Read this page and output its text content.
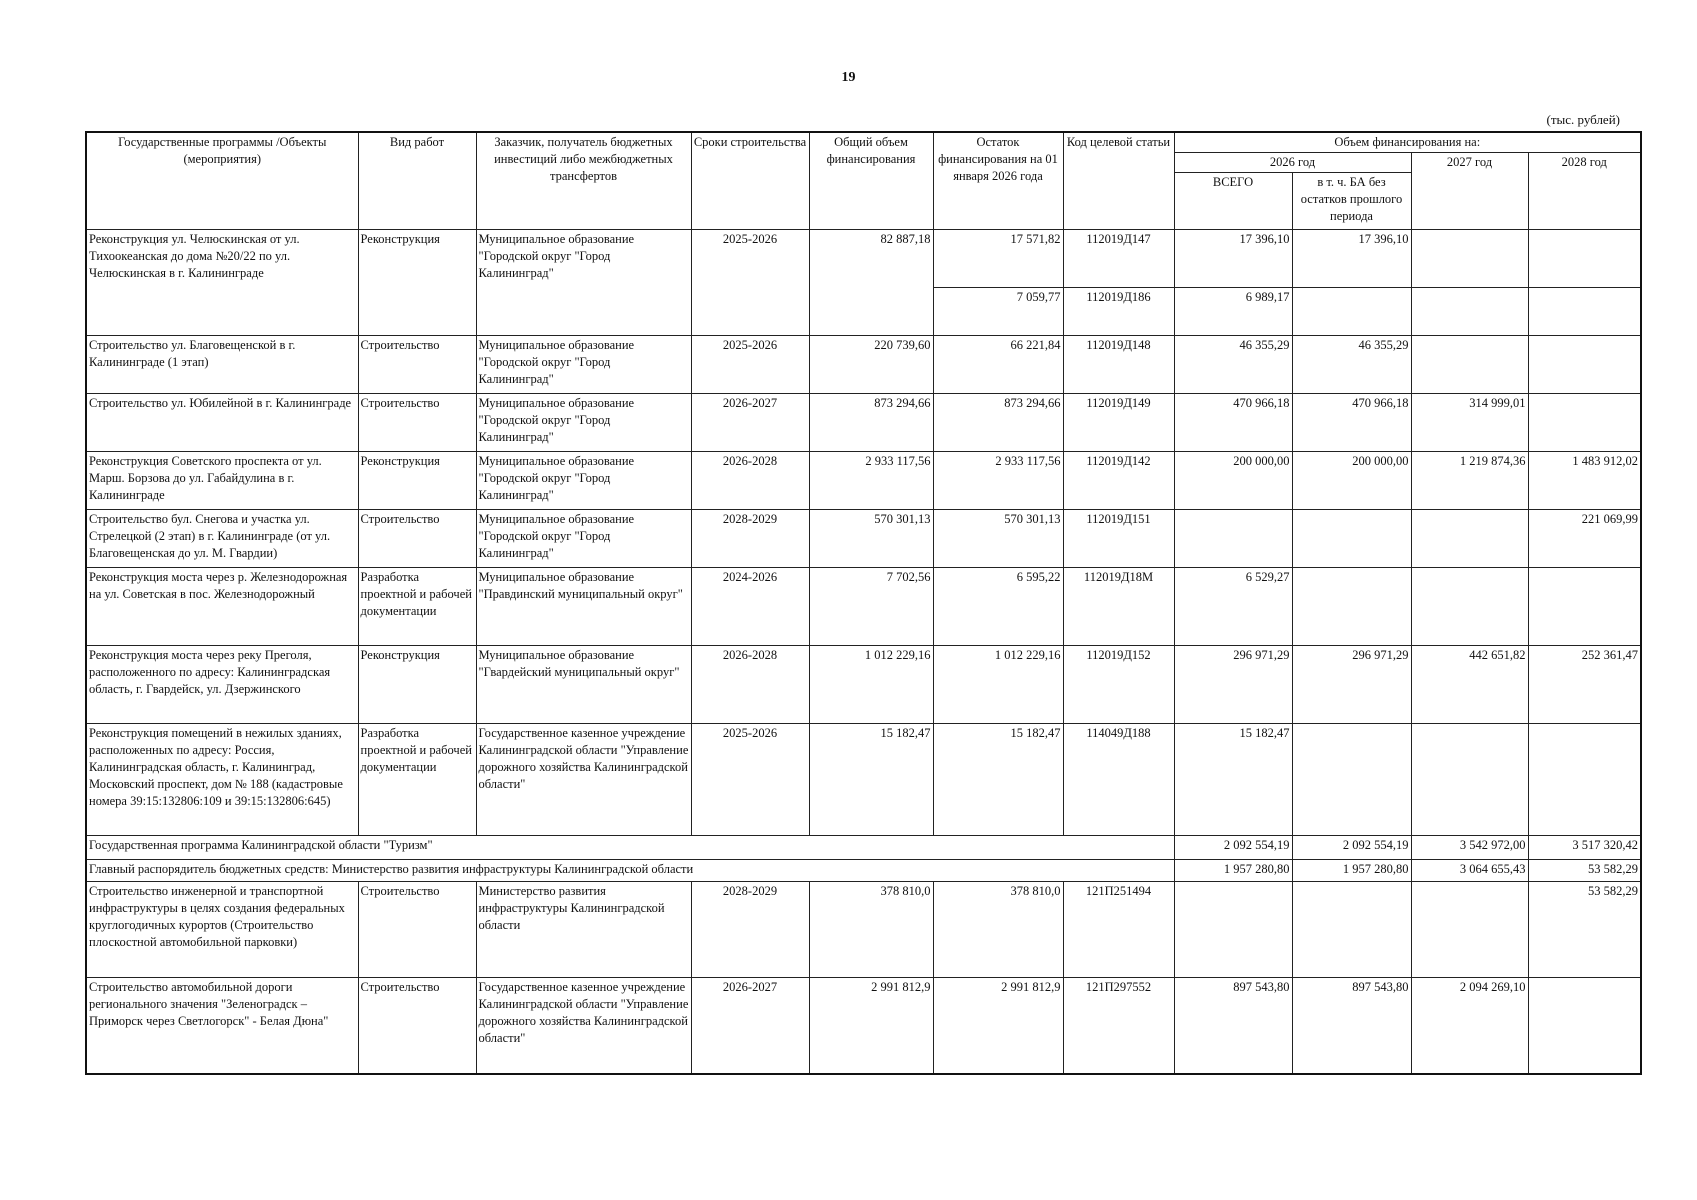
19
(тыс. рублей)
Государственные программы /Объекты (мероприятия)	Вид работ	Заказчик, получатель бюджетных инвестиций либо межбюджетных трансфертов	Сроки строительства	Общий объем финансирования	Остаток финансирования на 01 января 2026 года	Код целевой статьи	Объем финансирования на:			
							2026 год		2027 год	2028 год
							ВСЕГО	в т. ч. БА без остатков прошлого периода		
Реконструкция ул. Челюскинская от ул. Тихоокеанская до дома №20/22 по ул. Челюскинская в г. Калининграде	Реконструкция	Муниципальное образование "Городской округ "Город Калининград"	2025-2026	82 887,18	17 571,82	112019Д147	17 396,10	17 396,10		
					7 059,77	112019Д186	6 989,17			
Строительство ул. Благовещенской в г. Калининграде (1 этап)	Строительство	Муниципальное образование "Городской округ "Город Калининград"	2025-2026	220 739,60	66 221,84	112019Д148	46 355,29	46 355,29		
Строительство ул. Юбилейной в г. Калининграде	Строительство	Муниципальное образование "Городской округ "Город Калининград"	2026-2027	873 294,66	873 294,66	112019Д149	470 966,18	470 966,18	314 999,01	
Реконструкция Советского проспекта от ул. Марш. Борзова до ул. Габайдулина в г. Калининграде	Реконструкция	Муниципальное образование "Городской округ "Город Калининград"	2026-2028	2 933 117,56	2 933 117,56	112019Д142	200 000,00	200 000,00	1 219 874,36	1 483 912,02
Строительство бул. Снегова и участка ул. Стрелецкой (2 этап) в г. Калининграде (от ул. Благовещенская до ул. М. Гвардии)	Строительство	Муниципальное образование "Городской округ "Город Калининград"	2028-2029	570 301,13	570 301,13	112019Д151				221 069,99
Реконструкция моста через р. Железнодорожная на ул. Советская в пос. Железнодорожный	Разработка проектной и рабочей документации	Муниципальное образование "Правдинский муниципальный округ"	2024-2026	7 702,56	6 595,22	112019Д18М	6 529,27			
Реконструкция моста через реку Преголя, расположенного по адресу: Калининградская область, г. Гвардейск, ул. Дзержинского	Реконструкция	Муниципальное образование "Гвардейский муниципальный округ"	2026-2028	1 012 229,16	1 012 229,16	112019Д152	296 971,29	296 971,29	442 651,82	252 361,47
Реконструкция помещений в нежилых зданиях, расположенных по адресу: Россия, Калининградская область, г. Калининград, Московский проспект, дом № 188 (кадастровые номера 39:15:132806:109 и 39:15:132806:645)	Разработка проектной и рабочей документации	Государственное казенное учреждение Калининградской области "Управление дорожного хозяйства Калининградской области"	2025-2026	15 182,47	15 182,47	114049Д188	15 182,47			
Государственная программа Калининградской области "Туризм"							2 092 554,19	2 092 554,19	3 542 972,00	3 517 320,42
Главный распорядитель бюджетных средств: Министерство развития инфраструктуры Калининградской области							1 957 280,80	1 957 280,80	3 064 655,43	53 582,29
Строительство инженерной и транспортной инфраструктуры в целях создания федеральных круглогодичных курортов (Строительство плоскостной автомобильной парковки)	Строительство	Министерство развития инфраструктуры Калининградской области	2028-2029	378 810,0	378 810,0	121П251494				53 582,29
Строительство автомобильной дороги регионального значения "Зеленоградск – Приморск через Светлогорск" - Белая Дюна"	Строительство	Государственное казенное учреждение Калининградской области "Управление дорожного хозяйства Калининградской области"	2026-2027	2 991 812,9	2 991 812,9	121П297552	897 543,80	897 543,80	2 094 269,10	
